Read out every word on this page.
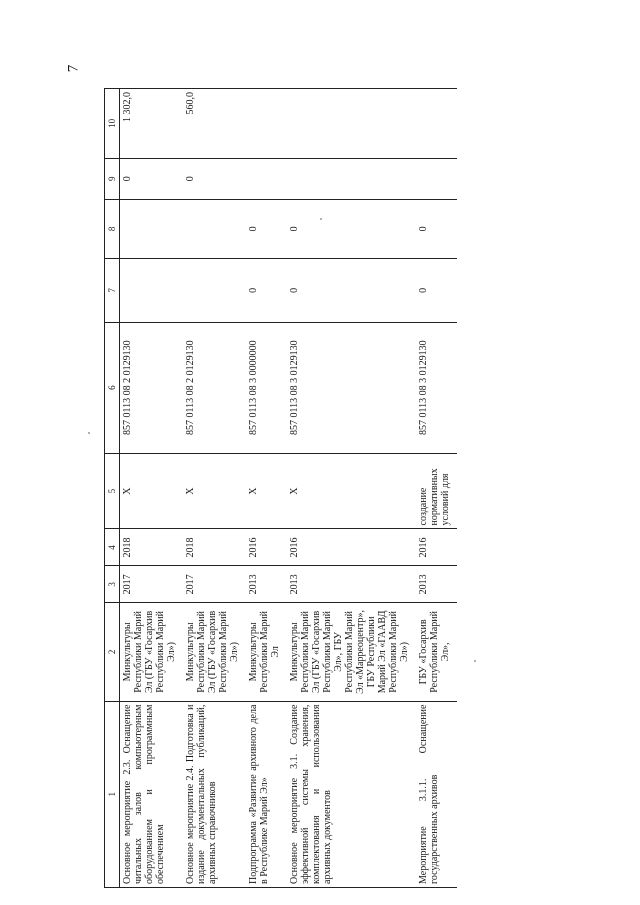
7
1	2	3	4	5	6	7	8	9	10
Основное мероприятие 2.3. Оснащение читальных залов компьютерным оборудованием и программным обеспечением	Минкультуры Республики Марий Эл (ГБУ «Госархив Республики Марий Эл»)	2017	2018	X	857 0113 08 2 0129130			0	1 302,0
Основное мероприятие 2.4. Подготовка и издание документальных публикаций, архивных справочников	Минкультуры Республики Марий Эл (ГБУ «Госархив Республики Марий Эл»)	2017	2018	X	857 0113 08 2 0129130			0	560,0
Подпрограмма «Развитие архивного дела в Республике Марий Эл»	Минкультуры Республики Марий Эл	2013	2016	X	857 0113 08 3 0000000	0	0		
Основное мероприятие 3.1. Создание эффективной системы хранения, комплектования и использования архивных документов	Минкультуры Республики Марий Эл (ГБУ «Госархив Республики Марий Эл», ГБУ Республики Марий Эл «Марреоцентр», ГБУ Республики Марий Эл «ГААВД Республики Марий Эл»)	2013	2016	X	857 0113 08 3 0129130	0	0		
Мероприятие 3.1.1. Оснащение государственных архивов	ГБУ «Госархив Республики Марий Эл»,	2013	2016	создание нормативных условий для	857 0113 08 3 0129130	0	0		
